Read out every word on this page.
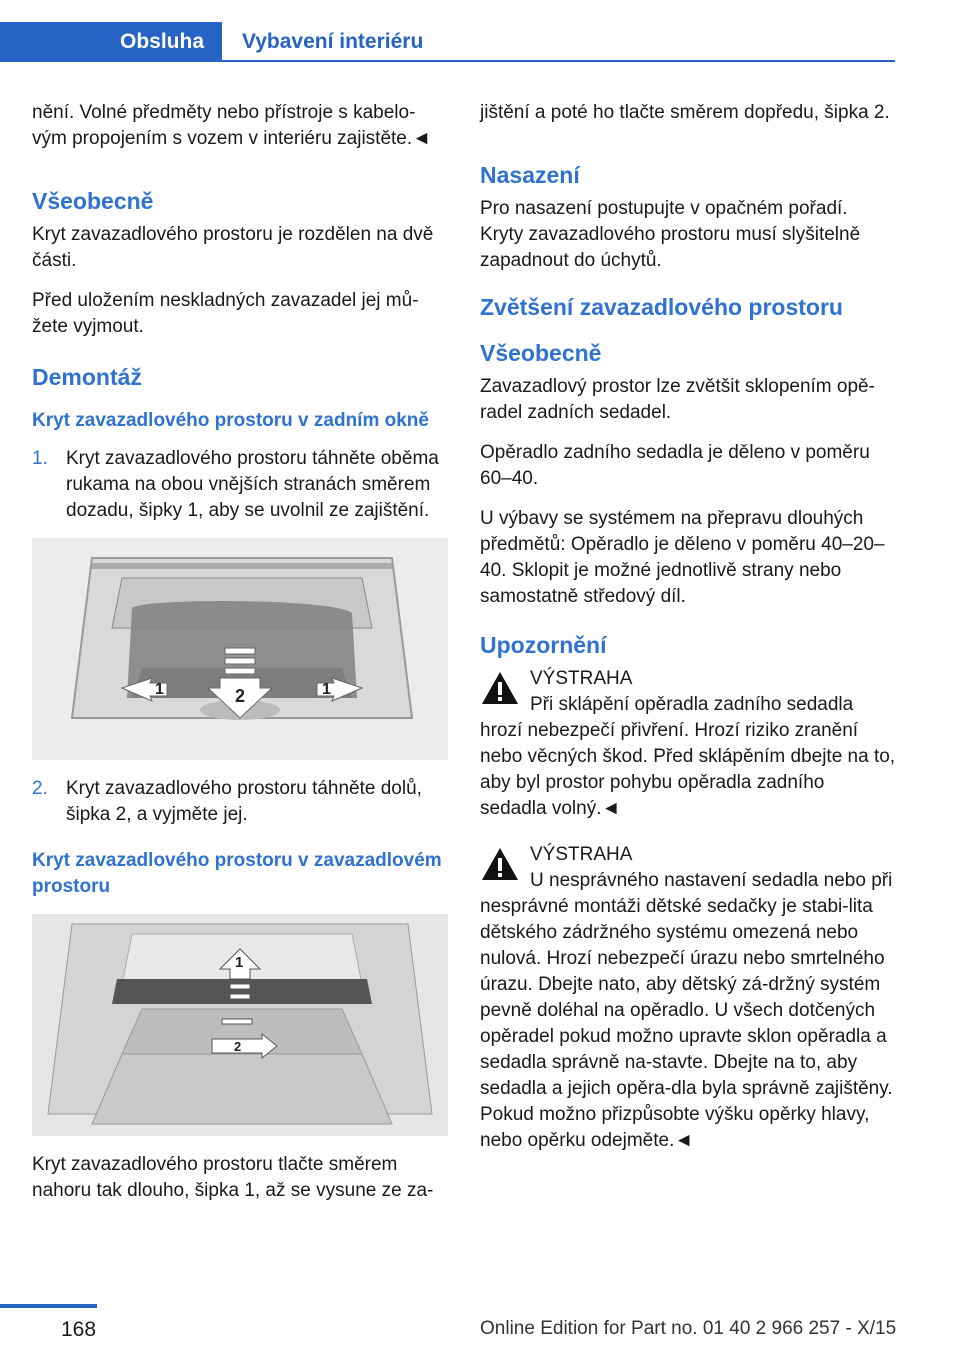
Obsluha Vybavení interiéru

nění. Volné předměty nebo přístroje s kabelo-vým propojením s vozem v interiéru zajistěte.◄

Všeobecně

Kryt zavazadlového prostoru je rozdělen na dvě části.

Před uložením neskladných zavazadel jej mů-žete vyjmout.

Demontáž
Kryt zavazadlového prostoru v zadním okně
1. Kryt zavazadlového prostoru táhněte oběma rukama na obou vnějších stranách směrem dozadu, šipky 1, aby se uvolnil ze zajištění.
1	2	1
2. Kryt zavazadlového prostoru táhněte dolů, šipka 2, a vyjměte jej.
Kryt zavazadlového prostoru v zavazadlovém prostoru
1
2

Kryt zavazadlového prostoru tlačte směrem nahoru tak dlouho, šipka 1, až se vysune ze za-

jištění a poté ho tlačte směrem dopředu, šipka 2.

Nasazení

Pro nasazení postupujte v opačném pořadí. Kryty zavazadlového prostoru musí slyšitelně zapadnout do úchytů.

Zvětšení zavazadlového prostoru
Všeobecně

Zavazadlový prostor lze zvětšit sklopením opě-radel zadních sedadel.

Opěradlo zadního sedadla je děleno v poměru 60–40.

U výbavy se systémem na přepravu dlouhých předmětů: Opěradlo je děleno v poměru 40–20–40. Sklopit je možné jednotlivě strany nebo samostatně středový díl.

Upozornění

VÝSTRAHA

Při sklápění opěradla zadního sedadla hrozí nebezpečí přivření. Hrozí riziko zranění nebo věcných škod. Před sklápěním dbejte na to, aby byl prostor pohybu opěradla zadního sedadla volný.◄

VÝSTRAHA

U nesprávného nastavení sedadla nebo při nesprávné montáži dětské sedačky je stabi-lita dětského zádržného systému omezená nebo nulová. Hrozí nebezpečí úrazu nebo smrtelného úrazu. Dbejte nato, aby dětský zá-držný systém pevně doléhal na opěradlo. U všech dotčených opěradel pokud možno upravte sklon opěradla a sedadla správně na-stavte. Dbejte na to, aby sedadla a jejich opěra-dla byla správně zajištěny. Pokud možno přizpůsobte výšku opěrky hlavy, nebo opěrku odejměte.◄

168	Online Edition for Part no. 01 40 2 966 257 - X/15
